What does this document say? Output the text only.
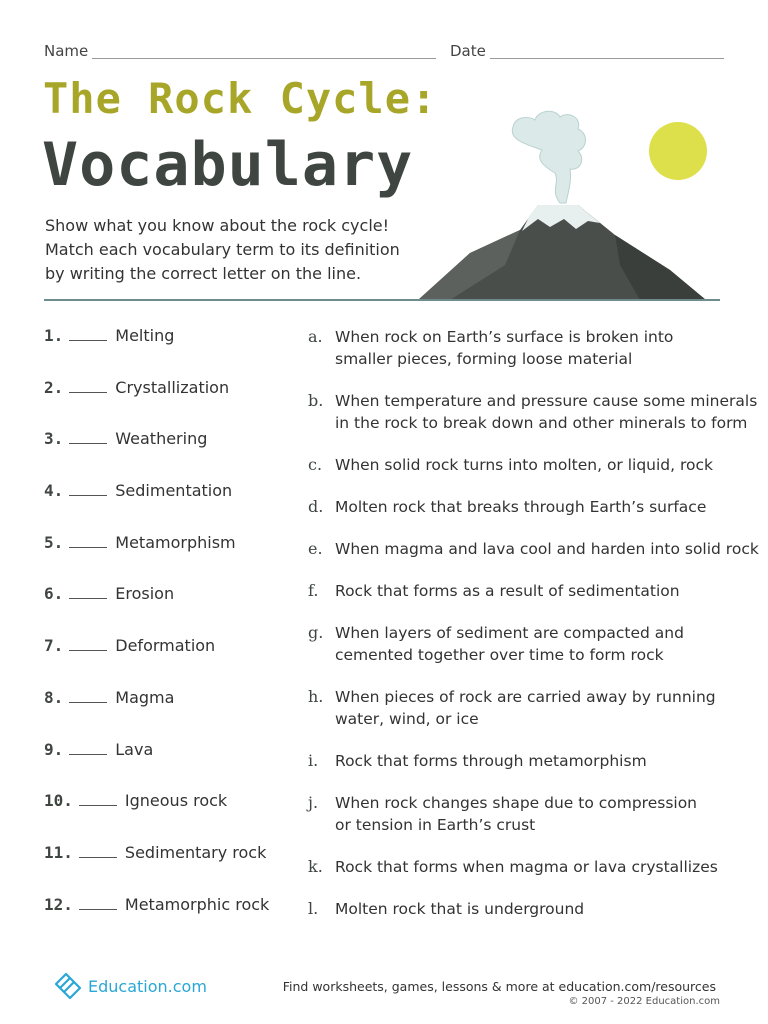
Name	Date
The Rock Cycle:
Vocabulary
Show what you know about the rock cycle!
Match each vocabulary term to its definition
by writing the correct letter on the line.
1.	Melting
2.	Crystallization
3.	Weathering
4.	Sedimentation
5.	Metamorphism
6.	Erosion
7.	Deformation
8.	Magma
9.	Lava
10.	Igneous rock
11.	Sedimentary rock
12.	Metamorphic rock
a. When rock on Earth’s surface is broken into
smaller pieces, forming loose material
b. When temperature and pressure cause some minerals
in the rock to break down and other minerals to form
c. When solid rock turns into molten, or liquid, rock
d. Molten rock that breaks through Earth’s surface
e. When magma and lava cool and harden into solid rock
f.	Rock that forms as a result of sedimentation
g. When layers of sediment are compacted and
cemented together over time to form rock
h. When pieces of rock are carried away by running
water, wind, or ice
i.	Rock that forms through metamorphism
j.	When rock changes shape due to compression
or tension in Earth’s crust
k. Rock that forms when magma or lava crystallizes
l.	Molten rock that is underground
Education.com	Find worksheets, games, lessons & more at education.com/resources
© 2007 - 2022 Education.com
